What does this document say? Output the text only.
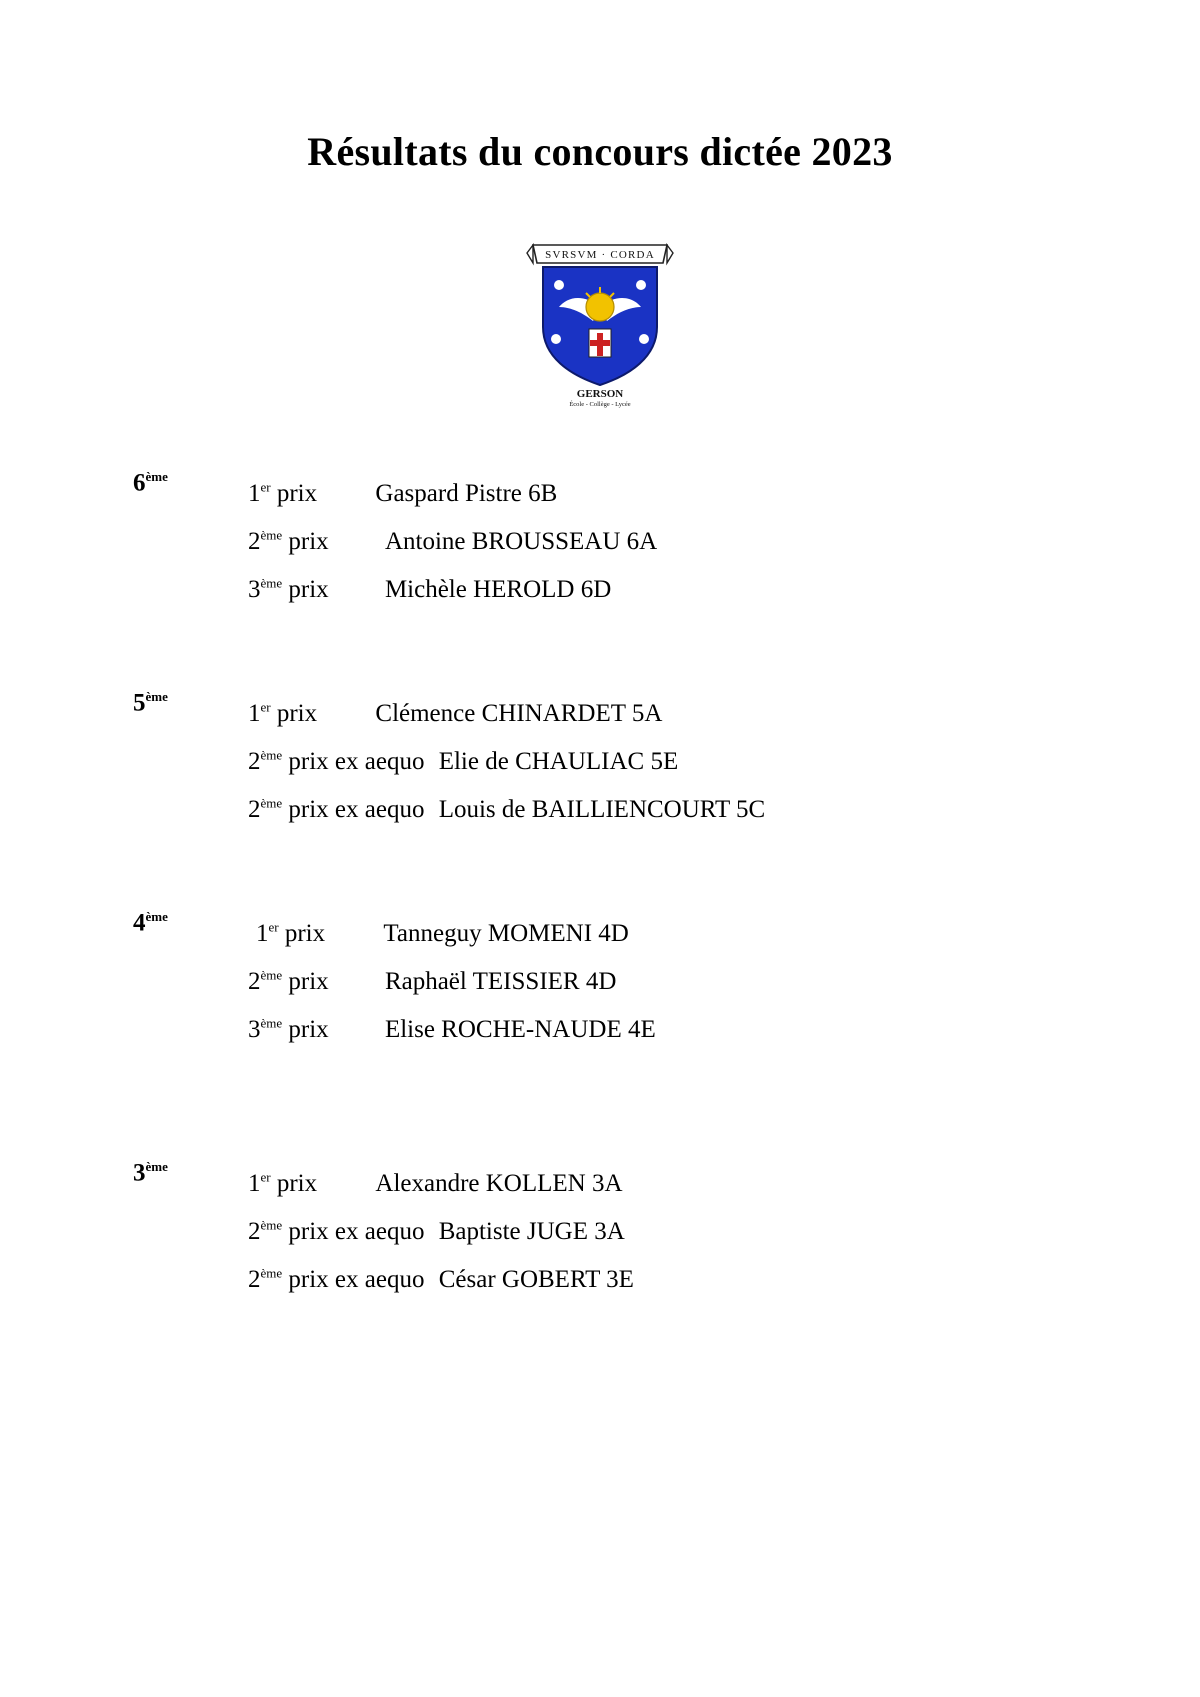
Résultats du concours dictée 2023
SVRSVM · CORDA
GERSON
École - Collège - Lycée
6ème
1er prix Gaspard Pistre 6B
2ème prix Antoine BROUSSEAU 6A
3ème prix Michèle HEROLD 6D
5ème
1er prix Clémence CHINARDET 5A
2ème prix ex aequo Elie de CHAULIAC 5E
2ème prix ex aequo Louis de BAILLIENCOURT 5C
4ème
1er prix Tanneguy MOMENI 4D
2ème prix Raphaël TEISSIER 4D
3ème prix Elise ROCHE-NAUDE 4E
3ème
1er prix Alexandre KOLLEN 3A
2ème prix ex aequo Baptiste JUGE 3A
2ème prix ex aequo César GOBERT 3E
